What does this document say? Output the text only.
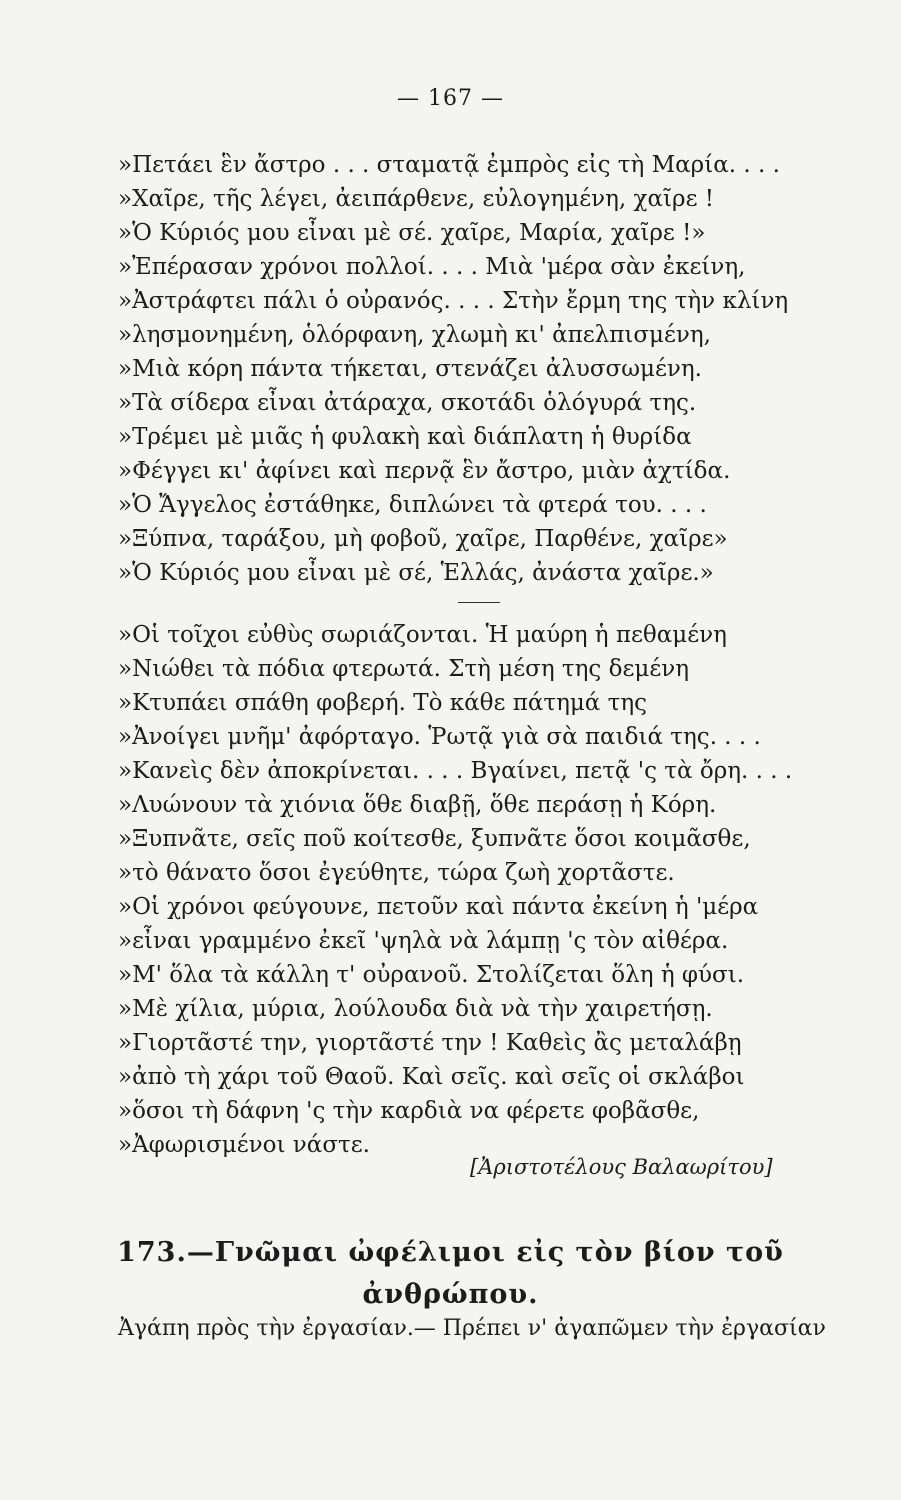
— 167 —
»Πετάει ἓν ἄστρο . . . σταματᾷ ἐμπρὸς εἰς τὴ Μαρία. . . .
»Χαῖρε, τῆς λέγει, ἀειπάρθενε, εὐλογημένη, χαῖρε !
»Ὁ Κύριός μου εἶναι μὲ σέ. χαῖρε, Μαρία, χαῖρε !»
»Ἐπέρασαν χρόνοι πολλοί. . . . Μιὰ 'μέρα σὰν ἐκείνη,
»Ἀστράφτει πάλι ὁ οὐρανός. . . . Στὴν ἔρμη της τὴν κλίνη
»λησμονημένη, ὁλόρφανη, χλωμὴ κι' ἀπελπισμένη,
»Μιὰ κόρη πάντα τήκεται, στενάζει ἀλυσσωμένη.
»Τὰ σίδερα εἶναι ἀτάραχα, σκοτάδι ὁλόγυρά της.
»Τρέμει μὲ μιᾶς ἡ φυλακὴ καὶ διάπλατη ἡ θυρίδα
»Φέγγει κι' ἀφίνει καὶ περνᾷ ἓν ἄστρο, μιὰν ἀχτίδα.
»Ὁ Ἄγγελος ἐστάθηκε, διπλώνει τὰ φτερά του. . . .
»Ξύπνα, ταράξου, μὴ φοβοῦ, χαῖρε, Παρθένε, χαῖρε»
»Ὁ Κύριός μου εἶναι μὲ σέ, Ἑλλάς, ἀνάστα χαῖρε.»
»Οἱ τοῖχοι εὐθὺς σωριάζονται. Ἡ μαύρη ἡ πεθαμένη
»Νιώθει τὰ πόδια φτερωτά. Στὴ μέση της δεμένη
»Κτυπάει σπάθη φοβερή. Τὸ κάθε πάτημά της
»Ἀνοίγει μνῆμ' ἀφόρταγο. Ῥωτᾷ γιὰ σὰ παιδιά της. . . .
»Κανεὶς δὲν ἀποκρίνεται. . . . Βγαίνει, πετᾷ 'ς τὰ ὄρη. . . .
»Λυώνουν τὰ χιόνια ὅθε διαβῇ, ὅθε περάσῃ ἡ Κόρη.
»Ξυπνᾶτε, σεῖς ποῦ κοίτεσθε, ξυπνᾶτε ὅσοι κοιμᾶσθε,
»τὸ θάνατο ὅσοι ἐγεύθητε, τώρα ζωὴ χορτᾶστε.
»Οἱ χρόνοι φεύγουνε, πετοῦν καὶ πάντα ἐκείνη ἡ 'μέρα
»εἶναι γραμμένο ἐκεῖ 'ψηλὰ νὰ λάμπῃ 'ς τὸν αἰθέρα.
»Μ' ὅλα τὰ κάλλη τ' οὐρανοῦ. Στολίζεται ὅλη ἡ φύσι.
»Μὲ χίλια, μύρια, λούλουδα διὰ νὰ τὴν χαιρετήσῃ.
»Γιορτᾶστέ την, γιορτᾶστέ την ! Καθεὶς ἂς μεταλάβῃ
»ἀπὸ τὴ χάρι τοῦ Θαοῦ. Καὶ σεῖς. καὶ σεῖς οἱ σκλάβοι
»ὅσοι τὴ δάφνη 'ς τὴν καρδιὰ να φέρετε φοβᾶσθε,
»Ἀφωρισμένοι νάστε.
[Ἀριστοτέλους Βαλαωρίτου]
173.—Γνῶμαι ὠφέλιμοι εἰς τὸν βίον τοῦ
ἀνθρώπου.
Ἀγάπη πρὸς τὴν ἐργασίαν.— Πρέπει ν' ἀγαπῶμεν τὴν ἐργασίαν
